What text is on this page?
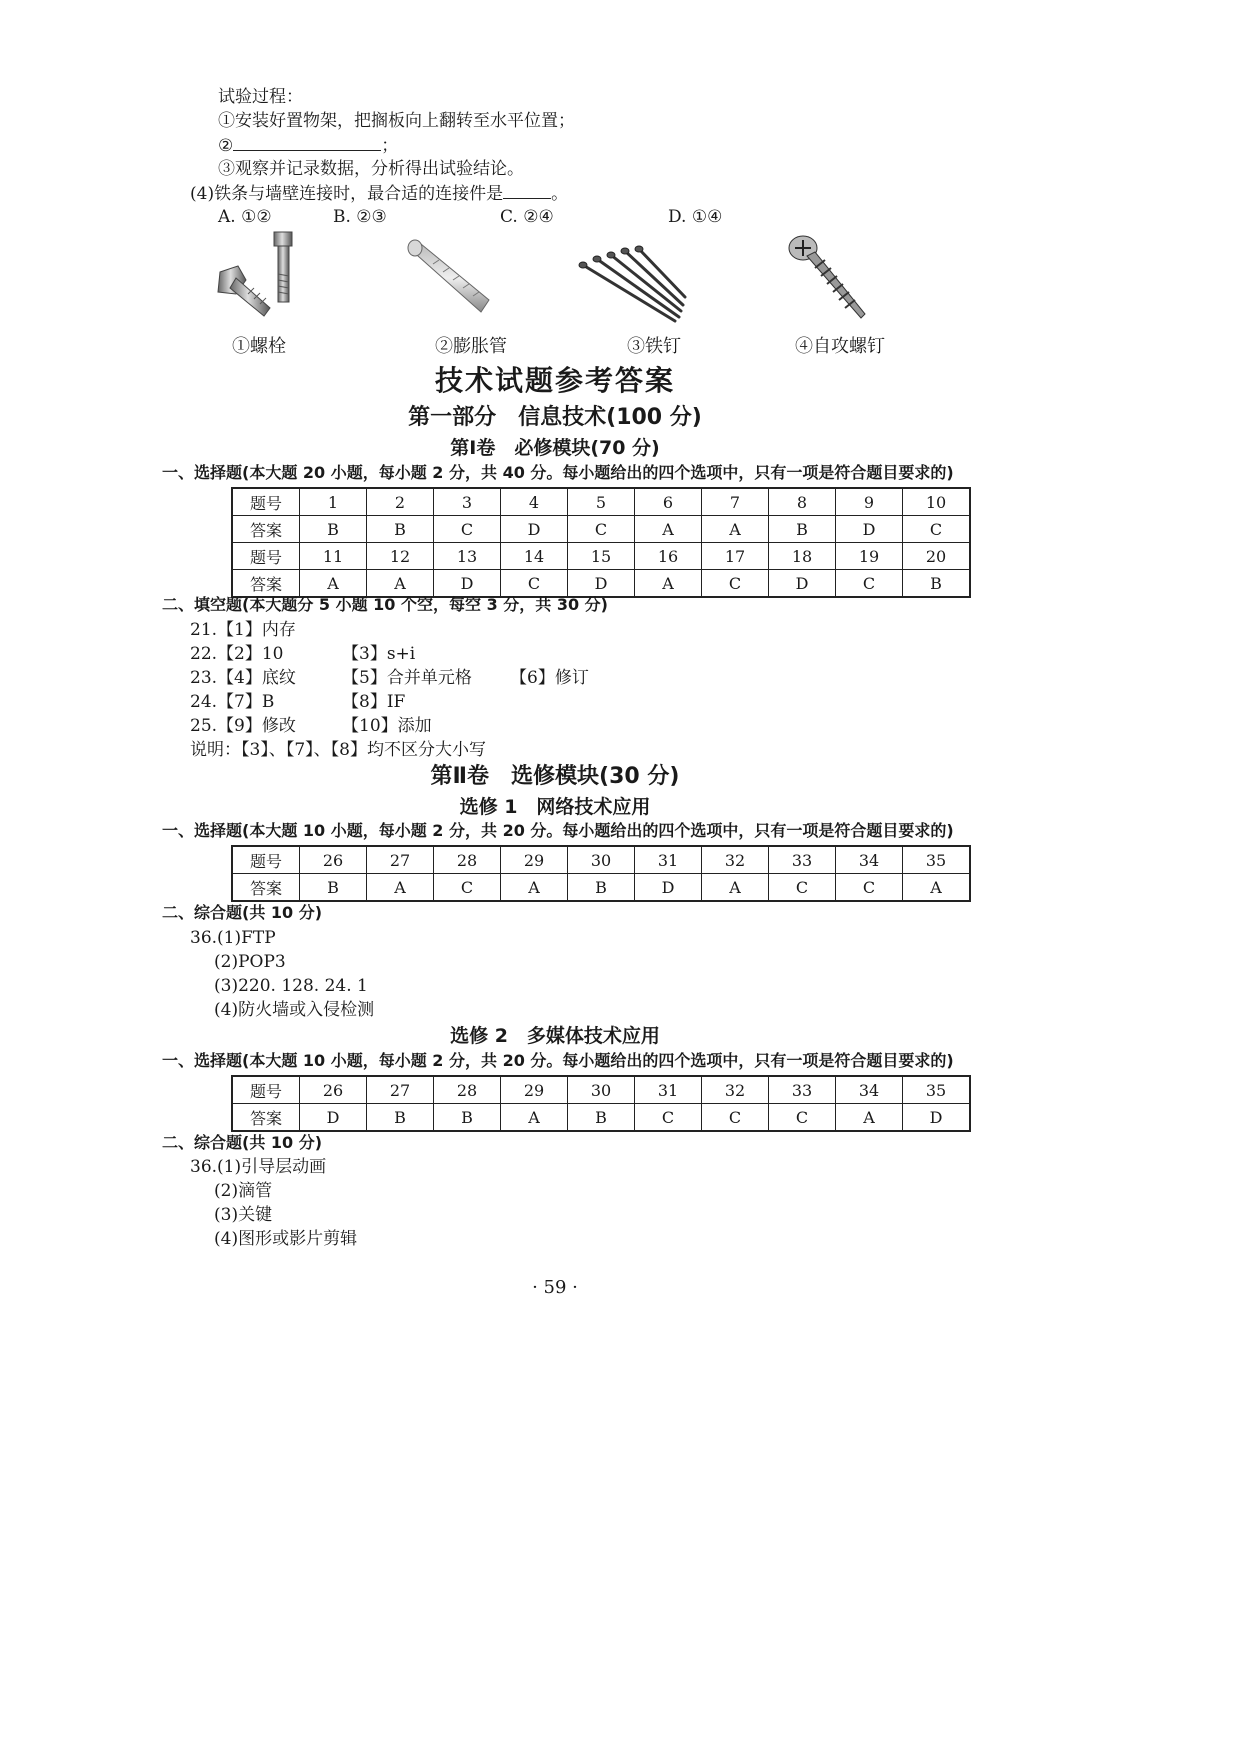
试验过程：
①安装好置物架，把搁板向上翻转至水平位置；
②	；
③观察并记录数据，分析得出试验结论。
(4)铁条与墙壁连接时，最合适的连接件是	。
A. ①②	B. ②③	C. ②④	D. ①④
①螺栓	②膨胀管	③铁钉	④自攻螺钉
技术试题参考答案
第一部分　信息技术(100 分)
第Ⅰ卷　必修模块(70 分)
一、选择题(本大题 20 小题，每小题 2 分，共 40 分。每小题给出的四个选项中，只有一项是符合题目要求的)
题号	1	2	3	4	5	6	7	8	9	10
答案	B	B	C	D	C	A	A	B	D	C
题号	11	12	13	14	15	16	17	18	19	20
答案	A	A	D	C	D	A	C	D	C	B
二、填空题(本大题分 5 小题 10 个空，每空 3 分，共 30 分)
21.【1】内存
22.【2】10	【3】s+i
23.【4】底纹	【5】合并单元格 【6】修订
24.【7】B	【8】IF
25.【9】修改	【10】添加
说明：【3】、【7】、【8】均不区分大小写
第Ⅱ卷　选修模块(30 分)
选修 1　网络技术应用
一、选择题(本大题 10 小题，每小题 2 分，共 20 分。每小题给出的四个选项中，只有一项是符合题目要求的)
题号	26	27	28	29	30	31	32	33	34	35
答案	B	A	C	A	B	D	A	C	C	A
二、综合题(共 10 分)
36.(1)FTP
(2)POP3
(3)220. 128. 24. 1
(4)防火墙或入侵检测
选修 2　多媒体技术应用
一、选择题(本大题 10 小题，每小题 2 分，共 20 分。每小题给出的四个选项中，只有一项是符合题目要求的)
题号	26	27	28	29	30	31	32	33	34	35
答案	D	B	B	A	B	C	C	C	A	D
二、综合题(共 10 分)
36.(1)引导层动画
(2)滴管
(3)关键
(4)图形或影片剪辑
· 59 ·
